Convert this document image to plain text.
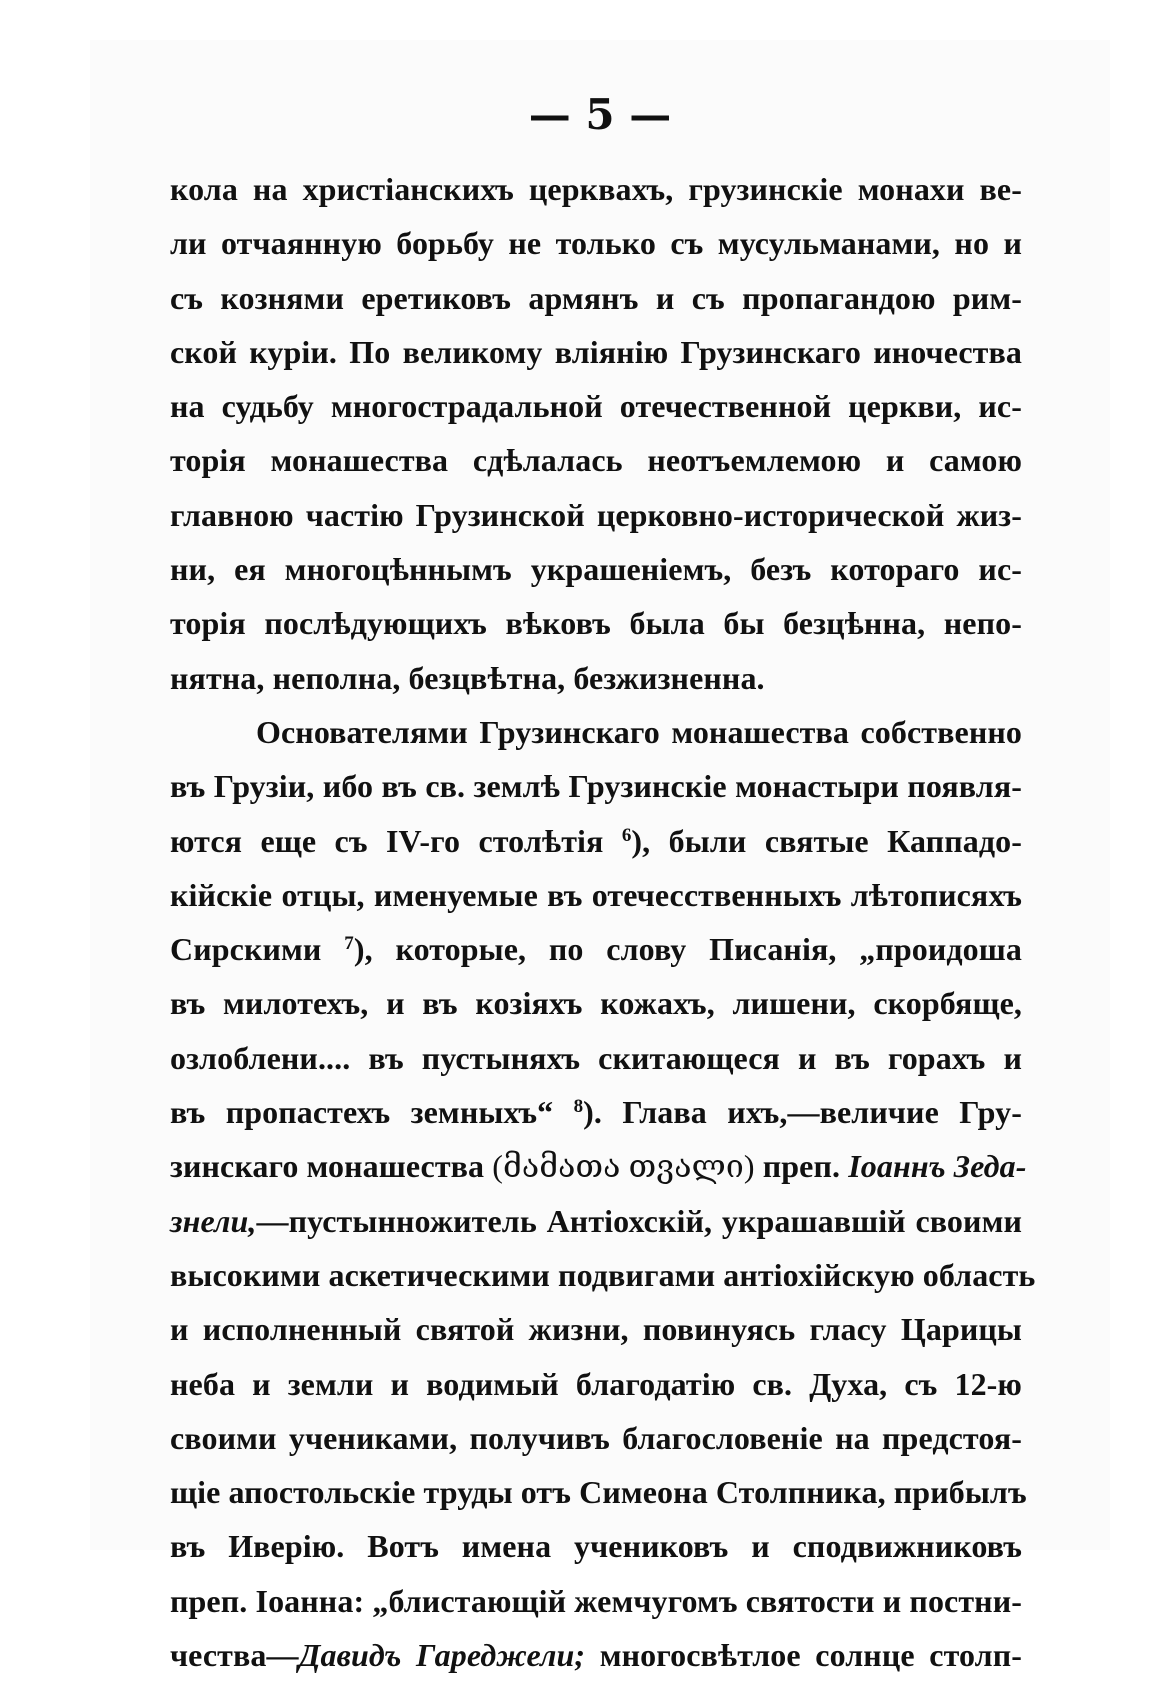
— 5 —
кола на христіанскихъ церквахъ, грузинскіе монахи ве-
ли отчаянную борьбу не только съ мусульманами, но и
съ кознями еретиковъ армянъ и съ пропагандою рим-
ской куріи. По великому вліянію Грузинскаго иночества
на судьбу многострадальной отечественной церкви, ис-
торія монашества сдѣлалась неотъемлемою и самою
главною частію Грузинской церковно-исторической жиз-
ни, ея многоцѣннымъ украшеніемъ, безъ котораго ис-
торія послѣдующихъ вѣковъ была бы безцѣнна, непо-
нятна, неполна, безцвѣтна, безжизненна.
Основателями Грузинскаго монашества собственно
въ Грузіи, ибо въ св. землѣ Грузинскіе монастыри появля-
ются еще съ IV-го столѣтія $^6$), были святые Каппадо-
кійскіе отцы, именуемые въ отечесственныхъ лѣтописяхъ
Сирскими $^7$), которые, по слову Писанія, „проидоша
въ милотехъ, и въ козіяхъ кожахъ, лишени, скорбяще,
озлоблени.... въ пустыняхъ скитающеся и въ горахъ и
въ пропастехъ земныхъ“ $^8$). Глава ихъ,—величие Гру-
зинскаго монашества (მამათა თვალი) преп. Іоаннъ Зеда-
знели,—пустынножитель Антіохскій, украшавшій своими
высокими аскетическими подвигами антіохійскую область
и исполненный святой жизни, повинуясь гласу Царицы
неба и земли и водимый благодатію св. Духа, съ 12-ю
своими учениками, получивъ благословеніе на предстоя-
щіе апостольскіе труды отъ Симеона Столпника, прибылъ
въ Иверію. Вотъ имена учениковъ и сподвижниковъ
преп. Іоанна: „блистающій жемчугомъ святости и постни-
чества—Давидъ Гареджели; многосвѣтлое солнце столп-
